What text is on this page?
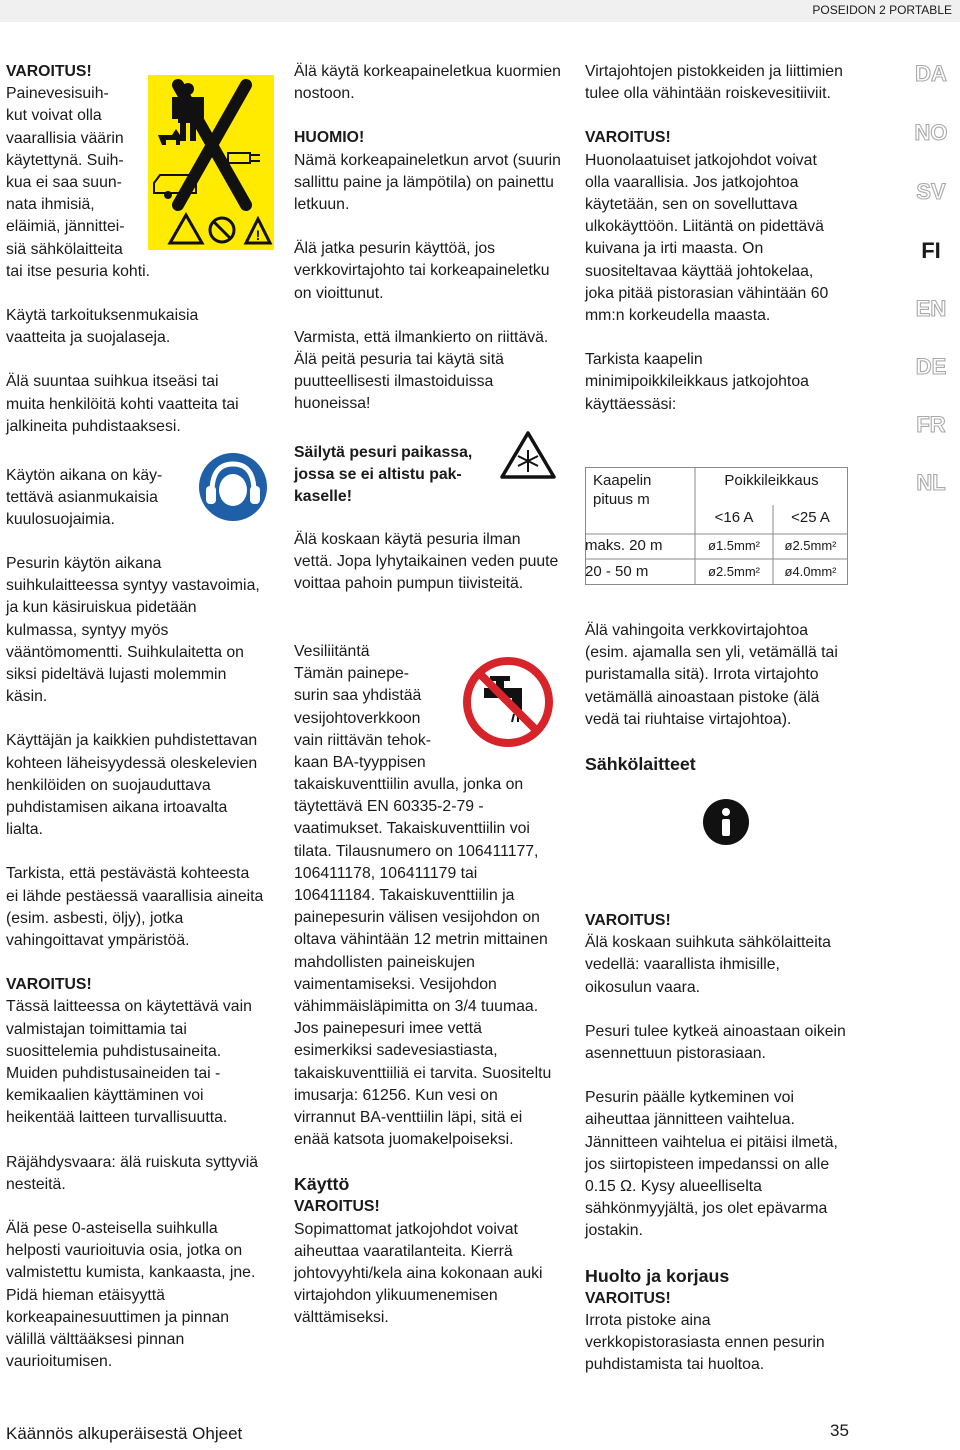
POSEIDON 2 PORTABLE
VAROITUS!
Painevesisuih-
kut voivat olla
vaarallisia väärin
käytettynä. Suih-
kua ei saa suun-
nata ihmisiä,
eläimiä, jännittei-
siä sähkölaitteita
tai itse pesuria kohti.
!

Käytä tarkoituksenmukaisia vaatteita ja suojalaseja.

Älä suuntaa suihkua itseäsi tai muita henkilöitä kohti vaatteita tai jalkineita puhdistaaksesi.

Käytön aikana on käy-
tettävä asianmukaisia
kuulosuojaimia.

Pesurin käytön aikana suihkulaitteessa syntyy vastavoimia, ja kun käsiruiskua pidetään kulmassa, syntyy myös vääntömomentti. Suihkulaitetta on siksi pideltävä lujasti molemmin käsin.

Käyttäjän ja kaikkien puhdistettavan kohteen läheisyydessä oleskelevien henkilöiden on suojauduttava puhdistamisen aikana irtoavalta lialta.

Tarkista, että pestävästä kohteesta ei lähde pestäessä vaarallisia aineita (esim. asbesti, öljy), jotka vahingoittavat ympäristöä.

VAROITUS!

Tässä laitteessa on käytettävä vain valmistajan toimittamia tai suosittelemia puhdistusaineita. Muiden puhdistusaineiden tai -kemikaalien käyttäminen voi heikentää laitteen turvallisuutta.

Räjähdysvaara: älä ruiskuta syttyviä nesteitä.

Älä pese 0-asteisella suihkulla helposti vaurioituvia osia, jotka on valmistettu kumista, kankaasta, jne. Pidä hieman etäisyyttä korkeapainesuuttimen ja pinnan välillä välttääksesi pinnan vaurioitumisen.

Älä käytä korkeapaineletkua kuormien nostoon.

HUOMIO!

Nämä korkeapaineletkun arvot (suurin sallittu paine ja lämpötila) on painettu letkuun.

Älä jatka pesurin käyttöä, jos verkkovirtajohto tai korkeapaineletku on vioittunut.

Varmista, että ilmankierto on riittävä. Älä peitä pesuria tai käytä sitä puutteellisesti ilmastoiduissa huoneissa!

Säilytä pesuri paikassa,
jossa se ei altistu pak-
kaselle!

Älä koskaan käytä pesuria ilman vettä. Jopa lyhytaikainen veden puute voittaa pahoin pumpun tiivisteitä.

Vesiliitäntä
Tämän painepe-
surin saa yhdistää
vesijohtoverkkoon
vain riittävän tehok-
kaan BA-tyyppisen

takaiskuventtiilin avulla, jonka on täytettävä EN 60335-2-79 -vaatimukset. Takaiskuventtiilin voi tilata. Tilausnumero on 106411177, 106411178, 106411179 tai 106411184. Takaiskuventtiilin ja painepesurin välisen vesijohdon on oltava vähintään 12 metrin mittainen mahdollisten paineiskujen vaimentamiseksi. Vesijohdon vähimmäisläpimitta on 3/4 tuumaa. Jos painepesuri imee vettä esimerkiksi sadevesiastiasta, takaiskuventtiiliä ei tarvita. Suositeltu imusarja: 61256. Kun vesi on virrannut BA-venttiilin läpi, sitä ei enää katsota juomakelpoiseksi.

Käyttö
VAROITUS!

Sopimattomat jatkojohdot voivat aiheuttaa vaaratilanteita. Kierrä johtovyyhti/kela aina kokonaan auki virtajohdon ylikuumenemisen välttämiseksi.

Virtajohtojen pistokkeiden ja liittimien tulee olla vähintään roiskevesitiiviit.

VAROITUS!

Huonolaatuiset jatkojohdot voivat olla vaarallisia. Jos jatkojohtoa käytetään, sen on sovelluttava ulkokäyttöön. Liitäntä on pidettävä kuivana ja irti maasta. On suositeltavaa käyttää johtokelaa, joka pitää pistorasian vähintään 60 mm:n korkeudella maasta.

Tarkista kaapelin minimipoikkileikkaus jatkojohtoa käyttäessäsi:

Kaapelin
pituus m
Poikkileikkaus
<16 A	<25 A
maks. 20 m	ø1.5mm²	ø2.5mm²
20 - 50 m	ø2.5mm²	ø4.0mm²

Älä vahingoita verkkovirtajohtoa (esim. ajamalla sen yli, vetämällä tai puristamalla sitä). Irrota virtajohto vetämällä ainoastaan pistoke (älä vedä tai riuhtaise virtajohtoa).

Sähkölaitteet
VAROITUS!

Älä koskaan suihkuta sähkölaitteita vedellä: vaarallista ihmisille, oikosulun vaara.

Pesuri tulee kytkeä ainoastaan oikein asennettuun pistorasiaan.

Pesurin päälle kytkeminen voi aiheuttaa jännitteen vaihtelua. Jännitteen vaihtelua ei pitäisi ilmetä, jos siirtopisteen impedanssi on alle 0.15 Ω. Kysy alueelliselta sähkönmyyjältä, jos olet epävarma jostakin.

Huolto ja korjaus
VAROITUS!

Irrota pistoke aina verkkopistorasiasta ennen pesurin puhdistamista tai huoltoa.

DA
NO
SV
FI
EN
DE
FR
NL
Käännös alkuperäisestä Ohjeet	35
